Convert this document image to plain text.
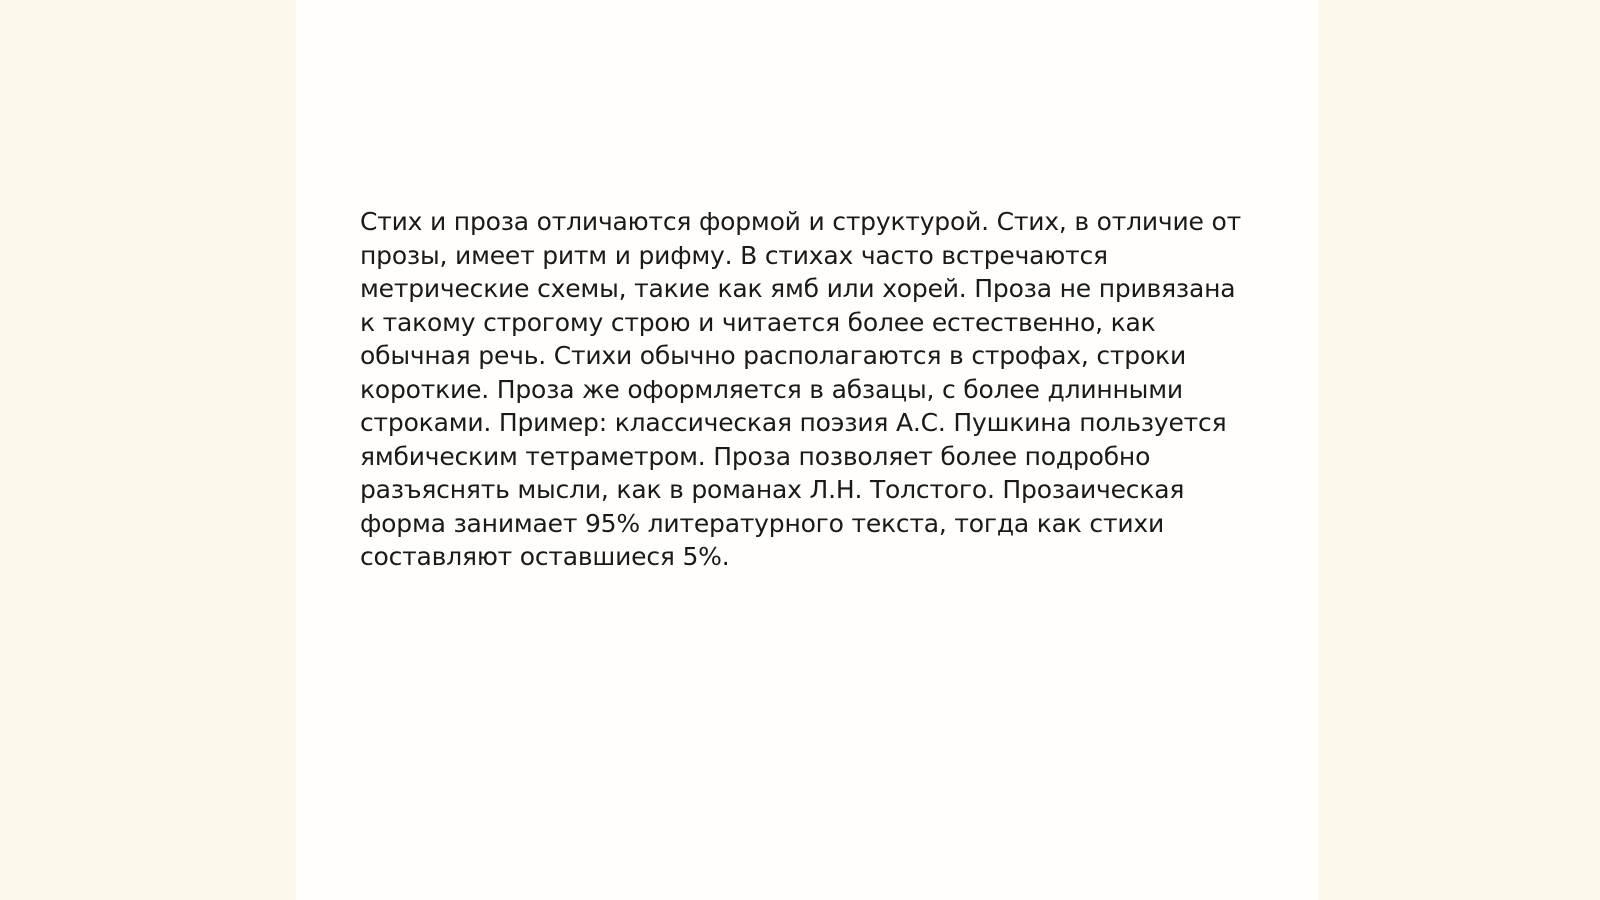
Стих и проза отличаются формой и структурой. Стих, в отличие от прозы, имеет ритм и рифму. В стихах часто встречаются метрические схемы, такие как ямб или хорей. Проза не привязана к такому строгому строю и читается более естественно, как обычная речь. Стихи обычно располагаются в строфах, строки короткие. Проза же оформляется в абзацы, с более длинными строками. Пример: классическая поэзия А.С. Пушкина пользуется ямбическим тетраметром. Проза позволяет более подробно разъяснять мысли, как в романах Л.Н. Толстого. Прозаическая форма занимает 95% литературного текста, тогда как стихи составляют оставшиеся 5%.
